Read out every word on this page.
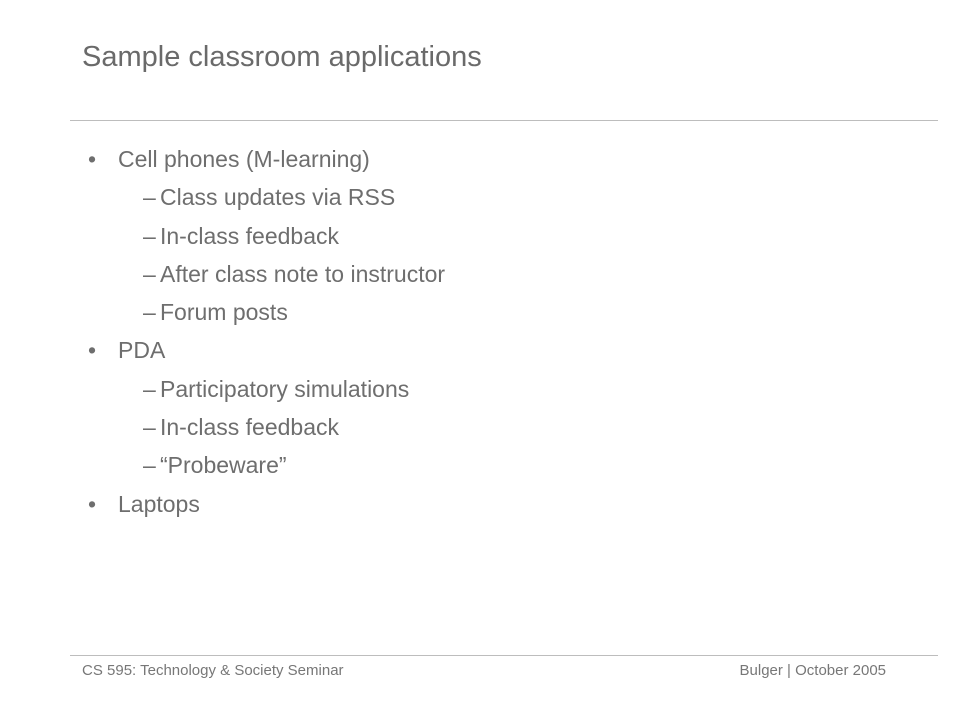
Sample classroom applications
• Cell phones (M-learning)
– Class updates via RSS
– In-class feedback
– After class note to instructor
– Forum posts
• PDA
– Participatory simulations
– In-class feedback
– “Probeware”
• Laptops
CS 595: Technology & Society Seminar	Bulger | October 2005
